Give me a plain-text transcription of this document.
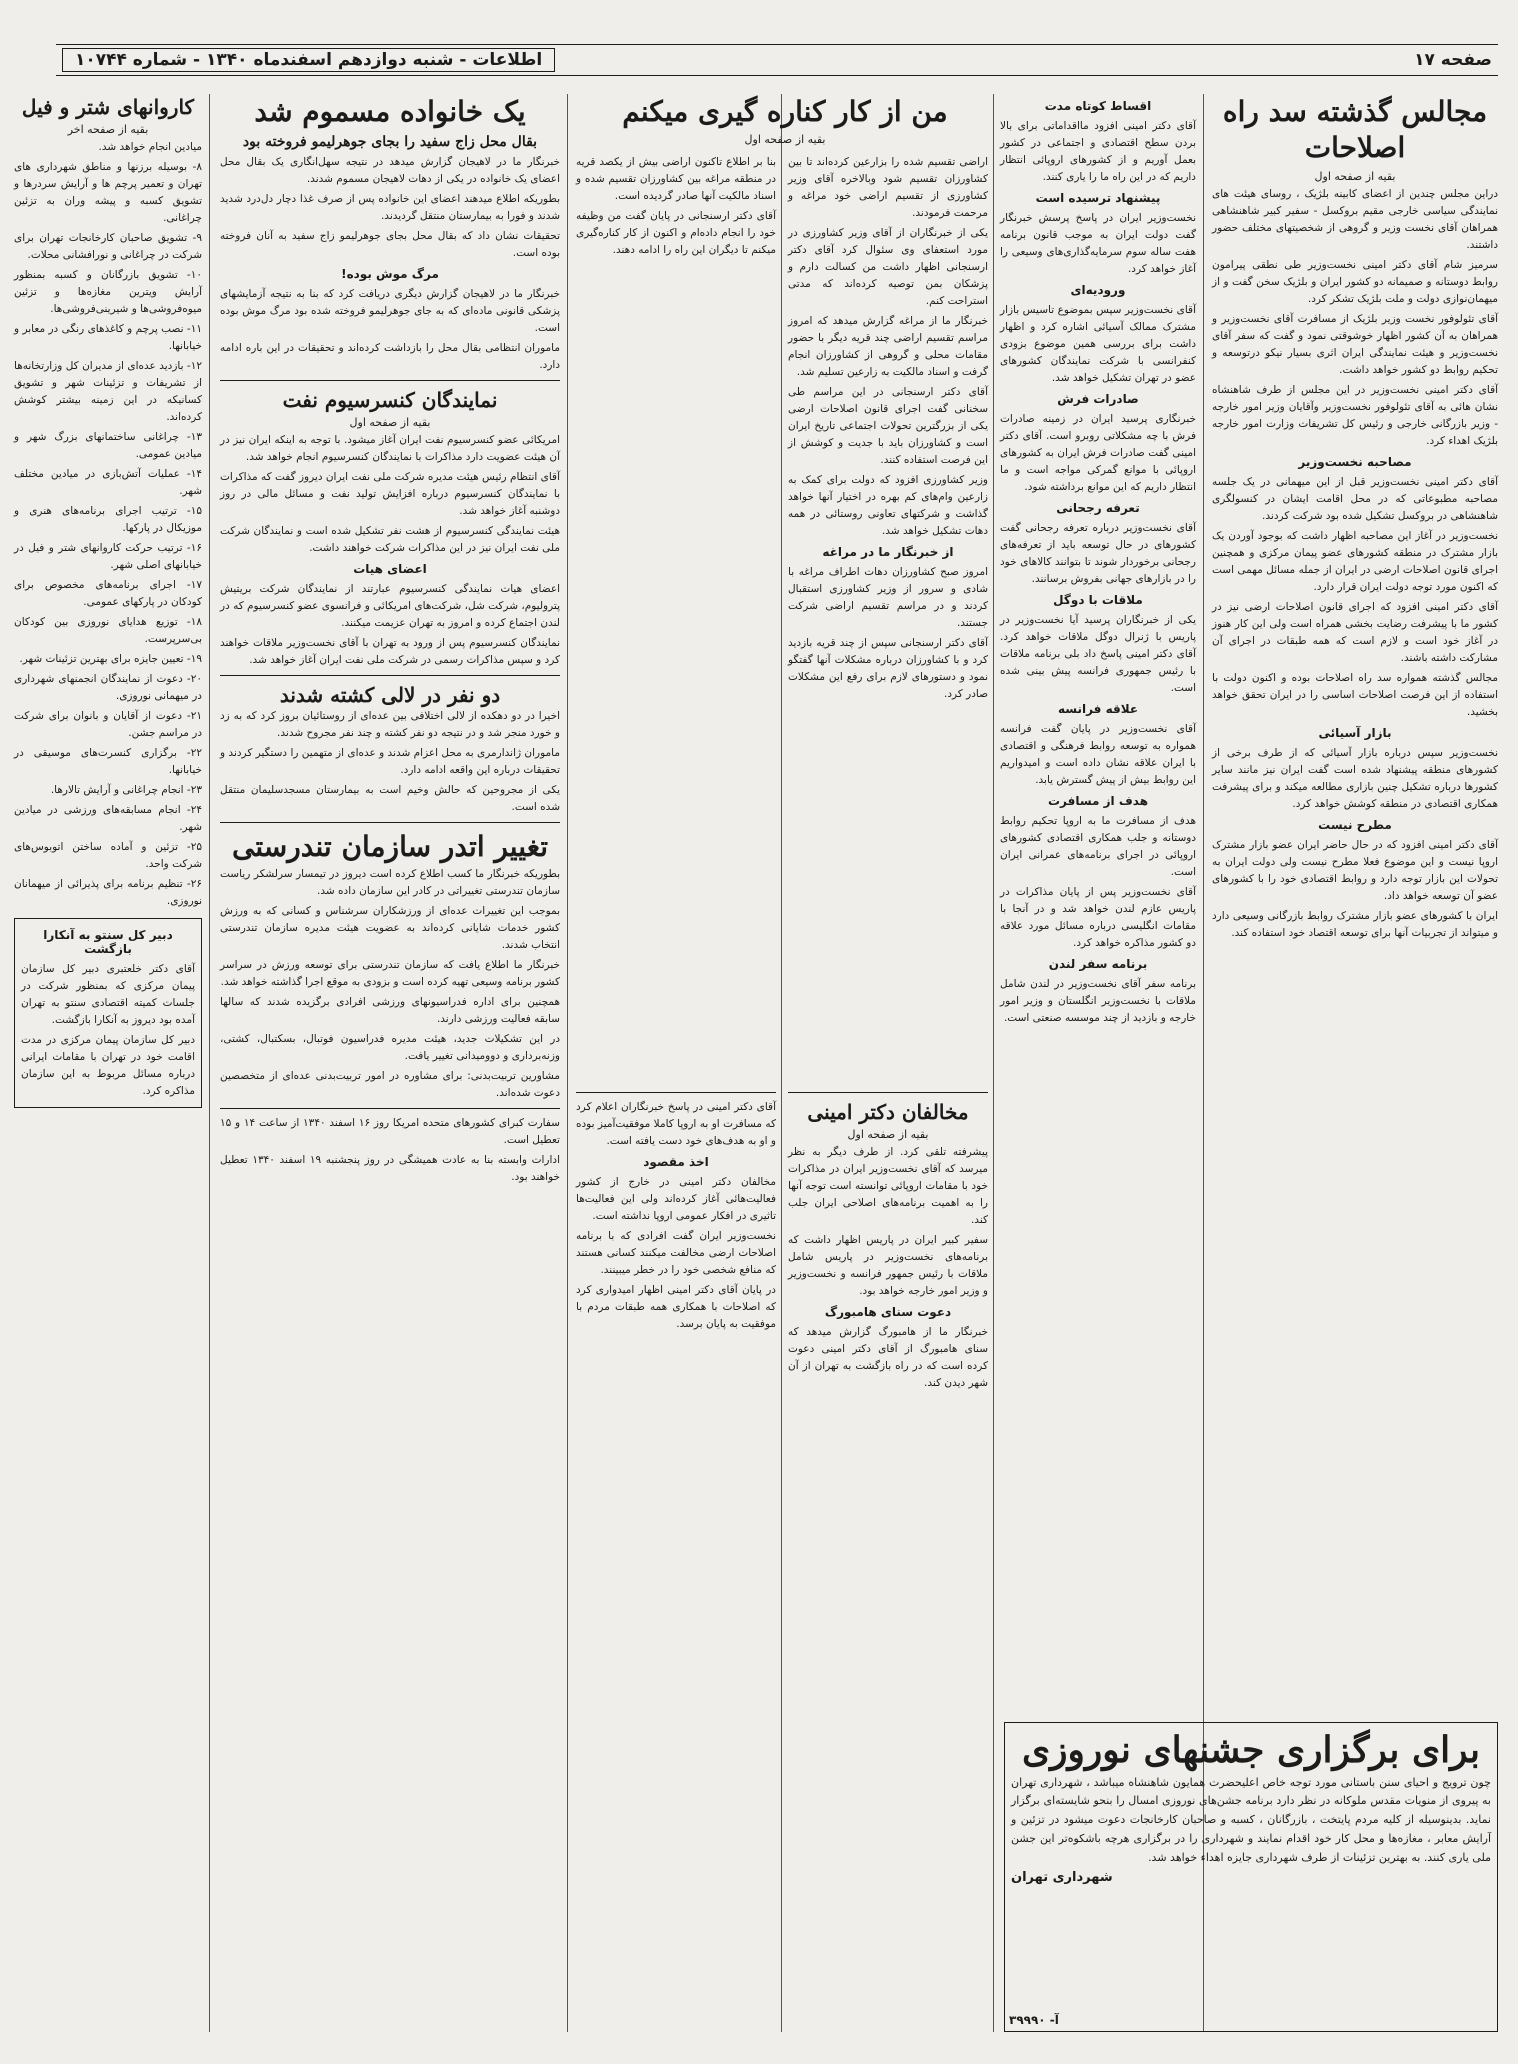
صفحه ۱۷
اطلاعات - شنبه دوازدهم اسفندماه ۱۳۴۰ - شماره ۱۰۷۴۴
مجالس گذشته سد راه اصلاحات
بقیه از صفحه اول

دراین مجلس چندین از اعضای کابینه بلژیک ، روسای هیئت های نمایندگی سیاسی خارجی مقیم بروکسل - سفیر کبیر شاهنشاهی همراهان آقای نخست وزیر و گروهی از شخصیتهای مختلف حضور داشتند.

سرمیز شام آقای دکتر امینی نخست‌وزیر طی نطقی پیرامون روابط دوستانه و صمیمانه دو کشور ایران و بلژیک سخن گفت و از میهمان‌نوازی دولت و ملت بلژیک تشکر کرد.

آقای تئولوفور نخست وزیر بلژیک از مسافرت آقای نخست‌وزیر و همراهان به آن کشور اظهار خوشوقتی نمود و گفت که سفر آقای نخست‌وزیر و هیئت نمایندگی ایران اثری بسیار نیکو درتوسعه و تحکیم روابط دو کشور خواهد داشت.

آقای دکتر امینی نخست‌وزیر در این مجلس از طرف شاهنشاه نشان هائی به آقای تئولوفور نخست‌وزیر وآقایان وزیر امور خارجه - وزیر بازرگانی خارجی و رئیس کل تشریفات وزارت امور خارجه بلژیک اهداء کرد.

مصاحبه نخست‌وزیر

آقای دکتر امینی نخست‌وزیر قبل از این میهمانی در یک جلسه مصاحبه مطبوعاتی که در محل اقامت ایشان در کنسولگری شاهنشاهی در بروکسل تشکیل شده بود شرکت کردند.

نخست‌وزیر در آغاز این مصاحبه اظهار داشت که بوجود آوردن یک بازار مشترک در منطقه کشورهای عضو پیمان مرکزی و همچنین اجرای قانون اصلاحات ارضی در ایران از جمله مسائل مهمی است که اکنون مورد توجه دولت ایران قرار دارد.

آقای دکتر امینی افزود که اجرای قانون اصلاحات ارضی نیز در کشور ما با پیشرفت رضایت بخشی همراه است ولی این کار هنوز در آغاز خود است و لازم است که همه طبقات در اجرای آن مشارکت داشته باشند.

مجالس گذشته همواره سد راه اصلاحات بوده و اکنون دولت با استفاده از این فرصت اصلاحات اساسی را در ایران تحقق خواهد بخشید.

بازار آسیائی

نخست‌وزیر سپس درباره بازار آسیائی که از طرف برخی از کشورهای منطقه پیشنهاد شده است گفت ایران نیز مانند سایر کشورها درباره تشکیل چنین بازاری مطالعه میکند و برای پیشرفت همکاری اقتصادی در منطقه کوشش خواهد کرد.

مطرح نیست

آقای دکتر امینی افزود که در حال حاضر ایران عضو بازار مشترک اروپا نیست و این موضوع فعلا مطرح نیست ولی دولت ایران به تحولات این بازار توجه دارد و روابط اقتصادی خود را با کشورهای عضو آن توسعه خواهد داد.

ایران با کشورهای عضو بازار مشترک روابط بازرگانی وسیعی دارد و میتواند از تجربیات آنها برای توسعه اقتصاد خود استفاده کند.

اقساط کوتاه مدت

آقای دکتر امینی افزود مااقداماتی برای بالا بردن سطح اقتصادی و اجتماعی در کشور بعمل آوریم و از کشورهای اروپائی انتظار داریم که در این راه ما را یاری کنند.

پیشنهاد ترسیده است

نخست‌وزیر ایران در پاسخ پرسش خبرنگار گفت دولت ایران به موجب قانون برنامه هفت ساله سوم سرمایه‌گذاری‌های وسیعی را آغاز خواهد کرد.

ورودیه‌ای

آقای نخست‌وزیر سپس بموضوع تاسیس بازار مشترک ممالک آسیائی اشاره کرد و اظهار داشت برای بررسی همین موضوع بزودی کنفرانسی با شرکت نمایندگان کشورهای عضو در تهران تشکیل خواهد شد.

صادرات فرش

خبرنگاری پرسید ایران در زمینه صادرات فرش با چه مشکلاتی روبرو است. آقای دکتر امینی گفت صادرات فرش ایران به کشورهای اروپائی با موانع گمرکی مواجه است و ما انتظار داریم که این موانع برداشته شود.

تعرفه رجحانی

آقای نخست‌وزیر درباره تعرفه رجحانی گفت کشورهای در حال توسعه باید از تعرفه‌های رجحانی برخوردار شوند تا بتوانند کالاهای خود را در بازارهای جهانی بفروش برسانند.

ملاقات با دوگل

یکی از خبرنگاران پرسید آیا نخست‌وزیر در پاریس با ژنرال دوگل ملاقات خواهد کرد. آقای دکتر امینی پاسخ داد بلی برنامه ملاقات با رئیس جمهوری فرانسه پیش بینی شده است.

علاقه فرانسه

آقای نخست‌وزیر در پایان گفت فرانسه همواره به توسعه روابط فرهنگی و اقتصادی با ایران علاقه نشان داده است و امیدواریم این روابط بیش از پیش گسترش یابد.

هدف از مسافرت

هدف از مسافرت ما به اروپا تحکیم روابط دوستانه و جلب همکاری اقتصادی کشورهای اروپائی در اجرای برنامه‌های عمرانی ایران است.

آقای نخست‌وزیر پس از پایان مذاکرات در پاریس عازم لندن خواهد شد و در آنجا با مقامات انگلیسی درباره مسائل مورد علاقه دو کشور مذاکره خواهد کرد.

برنامه سفر لندن

برنامه سفر آقای نخست‌وزیر در لندن شامل ملاقات با نخست‌وزیر انگلستان و وزیر امور خارجه و بازدید از چند موسسه صنعتی است.

من از کار کناره گیری میکنم
بقیه از صفحه اول

اراضی تقسیم شده را بزارعین کرده‌اند تا بین کشاورزان تقسیم شود وبالاخره آقای وزیر کشاورزی از تقسیم اراضی خود مراغه و مرحمت فرمودند.

یکی از خبرنگاران از آقای وزیر کشاورزی در مورد استعفای وی سئوال کرد آقای دکتر ارسنجانی اظهار داشت من کسالت دارم و پزشکان بمن توصیه کرده‌اند که مدتی استراحت کنم.

خبرنگار ما از مراغه گزارش میدهد که امروز مراسم تقسیم اراضی چند قریه دیگر با حضور مقامات محلی و گروهی از کشاورزان انجام گرفت و اسناد مالکیت به زارعین تسلیم شد.

آقای دکتر ارسنجانی در این مراسم طی سخنانی گفت اجرای قانون اصلاحات ارضی یکی از بزرگترین تحولات اجتماعی تاریخ ایران است و کشاورزان باید با جدیت و کوشش از این فرصت استفاده کنند.

وزیر کشاورزی افزود که دولت برای کمک به زارعین وام‌های کم بهره در اختیار آنها خواهد گذاشت و شرکتهای تعاونی روستائی در همه دهات تشکیل خواهد شد.

از خبرنگار ما در مراغه

امروز صبح کشاورزان دهات اطراف مراغه با شادی و سرور از وزیر کشاورزی استقبال کردند و در مراسم تقسیم اراضی شرکت جستند.

آقای دکتر ارسنجانی سپس از چند قریه بازدید کرد و با کشاورزان درباره مشکلات آنها گفتگو نمود و دستورهای لازم برای رفع این مشکلات صادر کرد.

بنا بر اطلاع تاکنون اراضی بیش از یکصد قریه در منطقه مراغه بین کشاورزان تقسیم شده و اسناد مالکیت آنها صادر گردیده است.

آقای دکتر ارسنجانی در پایان گفت من وظیفه خود را انجام داده‌ام و اکنون از کار کناره‌گیری میکنم تا دیگران این راه را ادامه دهند.

مخالفان دکتر امینی
بقیه از صفحه اول

پیشرفته تلقی کرد. از طرف دیگر به نظر میرسد که آقای نخست‌وزیر ایران در مذاکرات خود با مقامات اروپائی توانسته است توجه آنها را به اهمیت برنامه‌های اصلاحی ایران جلب کند.

سفیر کبیر ایران در پاریس اظهار داشت که برنامه‌های نخست‌وزیر در پاریس شامل ملاقات با رئیس جمهور فرانسه و نخست‌وزیر و وزیر امور خارجه خواهد بود.

دعوت سنای هامبورگ

خبرنگار ما از هامبورگ گزارش میدهد که سنای هامبورگ از آقای دکتر امینی دعوت کرده است که در راه بازگشت به تهران از آن شهر دیدن کند.

آقای دکتر امینی در پاسخ خبرنگاران اعلام کرد که مسافرت او به اروپا کاملا موفقیت‌آمیز بوده و او به هدف‌های خود دست یافته است.

اخذ مقصود

مخالفان دکتر امینی در خارج از کشور فعالیت‌هائی آغاز کرده‌اند ولی این فعالیت‌ها تاثیری در افکار عمومی اروپا نداشته است.

نخست‌وزیر ایران گفت افرادی که با برنامه اصلاحات ارضی مخالفت میکنند کسانی هستند که منافع شخصی خود را در خطر میبینند.

در پایان آقای دکتر امینی اظهار امیدواری کرد که اصلاحات با همکاری همه طبقات مردم با موفقیت به پایان برسد.

یک خانواده مسموم شد
بقال محل زاج سفید را بجای جوهرلیمو فروخته بود

خبرنگار ما در لاهیجان گزارش میدهد در نتیجه سهل‌انگاری یک بقال محل اعضای یک خانواده در یکی از دهات لاهیجان مسموم شدند.

بطوریکه اطلاع میدهند اعضای این خانواده پس از صرف غذا دچار دل‌درد شدید شدند و فورا به بیمارستان منتقل گردیدند.

تحقیقات نشان داد که بقال محل بجای جوهرلیمو زاج سفید به آنان فروخته بوده است.

مرگ موش بوده!

خبرنگار ما در لاهیجان گزارش دیگری دریافت کرد که بنا به نتیجه آزمایشهای پزشکی قانونی ماده‌ای که به جای جوهرلیمو فروخته شده بود مرگ موش بوده است.

ماموران انتظامی بقال محل را بازداشت کرده‌اند و تحقیقات در این باره ادامه دارد.

نمایندگان کنسرسیوم نفت
بقیه از صفحه اول

امریکائی عضو کنسرسیوم نفت ایران آغاز میشود. با توجه به اینکه ایران نیز در آن هیئت عضویت دارد مذاکرات با نمایندگان کنسرسیوم انجام خواهد شد.

آقای انتظام رئیس هیئت مدیره شرکت ملی نفت ایران دیروز گفت که مذاکرات با نمایندگان کنسرسیوم درباره افزایش تولید نفت و مسائل مالی در روز دوشنبه آغاز خواهد شد.

هیئت نمایندگی کنسرسیوم از هشت نفر تشکیل شده است و نمایندگان شرکت ملی نفت ایران نیز در این مذاکرات شرکت خواهند داشت.

اعضای هیات

اعضای هیات نمایندگی کنسرسیوم عبارتند از نمایندگان شرکت بریتیش پترولیوم، شرکت شل، شرکت‌های امریکائی و فرانسوی عضو کنسرسیوم که در لندن اجتماع کرده و امروز به تهران عزیمت میکنند.

نمایندگان کنسرسیوم پس از ورود به تهران با آقای نخست‌وزیر ملاقات خواهند کرد و سپس مذاکرات رسمی در شرکت ملی نفت ایران آغاز خواهد شد.

دو نفر در لالی کشته شدند

اخیرا در دو دهکده از لالی اختلافی بین عده‌ای از روستائیان بروز کرد که به زد و خورد منجر شد و در نتیجه دو نفر کشته و چند نفر مجروح شدند.

ماموران ژاندارمری به محل اعزام شدند و عده‌ای از متهمین را دستگیر کردند و تحقیقات درباره این واقعه ادامه دارد.

یکی از مجروحین که حالش وخیم است به بیمارستان مسجدسلیمان منتقل شده است.

تغییر اتدر سازمان تندرستی

بطوریکه خبرنگار ما کسب اطلاع کرده است دیروز در تیمسار سرلشکر ریاست سازمان تندرستی تغییراتی در کادر این سازمان داده شد.

بموجب این تغییرات عده‌ای از ورزشکاران سرشناس و کسانی که به ورزش کشور خدمات شایانی کرده‌اند به عضویت هیئت مدیره سازمان تندرستی انتخاب شدند.

خبرنگار ما اطلاع یافت که سازمان تندرستی برای توسعه ورزش در سراسر کشور برنامه وسیعی تهیه کرده است و بزودی به موقع اجرا گذاشته خواهد شد.

همچنین برای اداره فدراسیونهای ورزشی افرادی برگزیده شدند که سالها سابقه فعالیت ورزشی دارند.

در این تشکیلات جدید، هیئت مدیره فدراسیون فوتبال، بسکتبال، کشتی، وزنه‌برداری و دوومیدانی تغییر یافت.

مشاورین تربیت‌بدنی: برای مشاوره در امور تربیت‌بدنی عده‌ای از متخصصین دعوت شده‌اند.

سفارت کبرای کشورهای متحده امریکا روز ۱۶ اسفند ۱۳۴۰ از ساعت ۱۴ و ۱۵ تعطیل است.

ادارات وابسته بنا به عادت همیشگی در روز پنجشنبه ۱۹ اسفند ۱۳۴۰ تعطیل خواهند بود.

کاروانهای شتر و فیل
بقیه از صفحه اخر

میادین انجام خواهد شد.

۸- بوسیله برزنها و مناطق شهرداری های تهران و تعمیر پرچم ها و آرایش سردرها و تشویق کسبه و پیشه وران به تزئین چراغانی.

۹- تشویق صاحبان کارخانجات تهران برای شرکت در چراغانی و نورافشانی محلات.

۱۰- تشویق بازرگانان و کسبه بمنظور آرایش ویترین مغازه‌ها و تزئین میوه‌فروشی‌ها و شیرینی‌فروشی‌ها.

۱۱- نصب پرچم و کاغذهای رنگی در معابر و خیابانها.

۱۲- بازدید عده‌ای از مدیران کل وزارتخانه‌ها از تشریفات و تزئینات شهر و تشویق کسانیکه در این زمینه بیشتر کوشش کرده‌اند.

۱۳- چراغانی ساختمانهای بزرگ شهر و میادین عمومی.

۱۴- عملیات آتش‌بازی در میادین مختلف شهر.

۱۵- ترتیب اجرای برنامه‌های هنری و موزیکال در پارکها.

۱۶- ترتیب حرکت کاروانهای شتر و فیل در خیابانهای اصلی شهر.

۱۷- اجرای برنامه‌های مخصوص برای کودکان در پارکهای عمومی.

۱۸- توزیع هدایای نوروزی بین کودکان بی‌سرپرست.

۱۹- تعیین جایزه برای بهترین تزئینات شهر.

۲۰- دعوت از نمایندگان انجمنهای شهرداری در میهمانی نوروزی.

۲۱- دعوت از آقایان و بانوان برای شرکت در مراسم جشن.

۲۲- برگزاری کنسرت‌های موسیقی در خیابانها.

۲۳- انجام چراغانی و آرایش تالارها.

۲۴- انجام مسابقه‌های ورزشی در میادین شهر.

۲۵- تزئین و آماده ساختن اتوبوس‌های شرکت واحد.

۲۶- تنظیم برنامه برای پذیرائی از میهمانان نوروزی.

دبیر کل سنتو به آنکارا بازگشت

آقای دکتر خلعتبری دبیر کل سازمان پیمان مرکزی که بمنظور شرکت در جلسات کمیته اقتصادی سنتو به تهران آمده بود دیروز به آنکارا بازگشت.

دبیر کل سازمان پیمان مرکزی در مدت اقامت خود در تهران با مقامات ایرانی درباره مسائل مربوط به این سازمان مذاکره کرد.

برای برگزاری جشنهای نوروزی

چون ترویج و احیای سنن باستانی مورد توجه خاص اعلیحضرت همایون شاهنشاه میباشد ، شهرداری تهران به پیروی از منویات مقدس ملوکانه در نظر دارد برنامه جشن‌های نوروزی امسال را بنحو شایسته‌ای برگزار نماید. بدینوسیله از کلیه مردم پایتخت ، بازرگانان ، کسبه و صاحبان کارخانجات دعوت میشود در تزئین و آرایش معابر ، مغازه‌ها و محل کار خود اقدام نمایند و شهرداری را در برگزاری هرچه باشکوه‌تر این جشن ملی یاری کنند. به بهترین تزئینات از طرف شهرداری جایزه اهداء خواهد شد.

شهرداری تهران
آ- ۳۹۹۹۰
